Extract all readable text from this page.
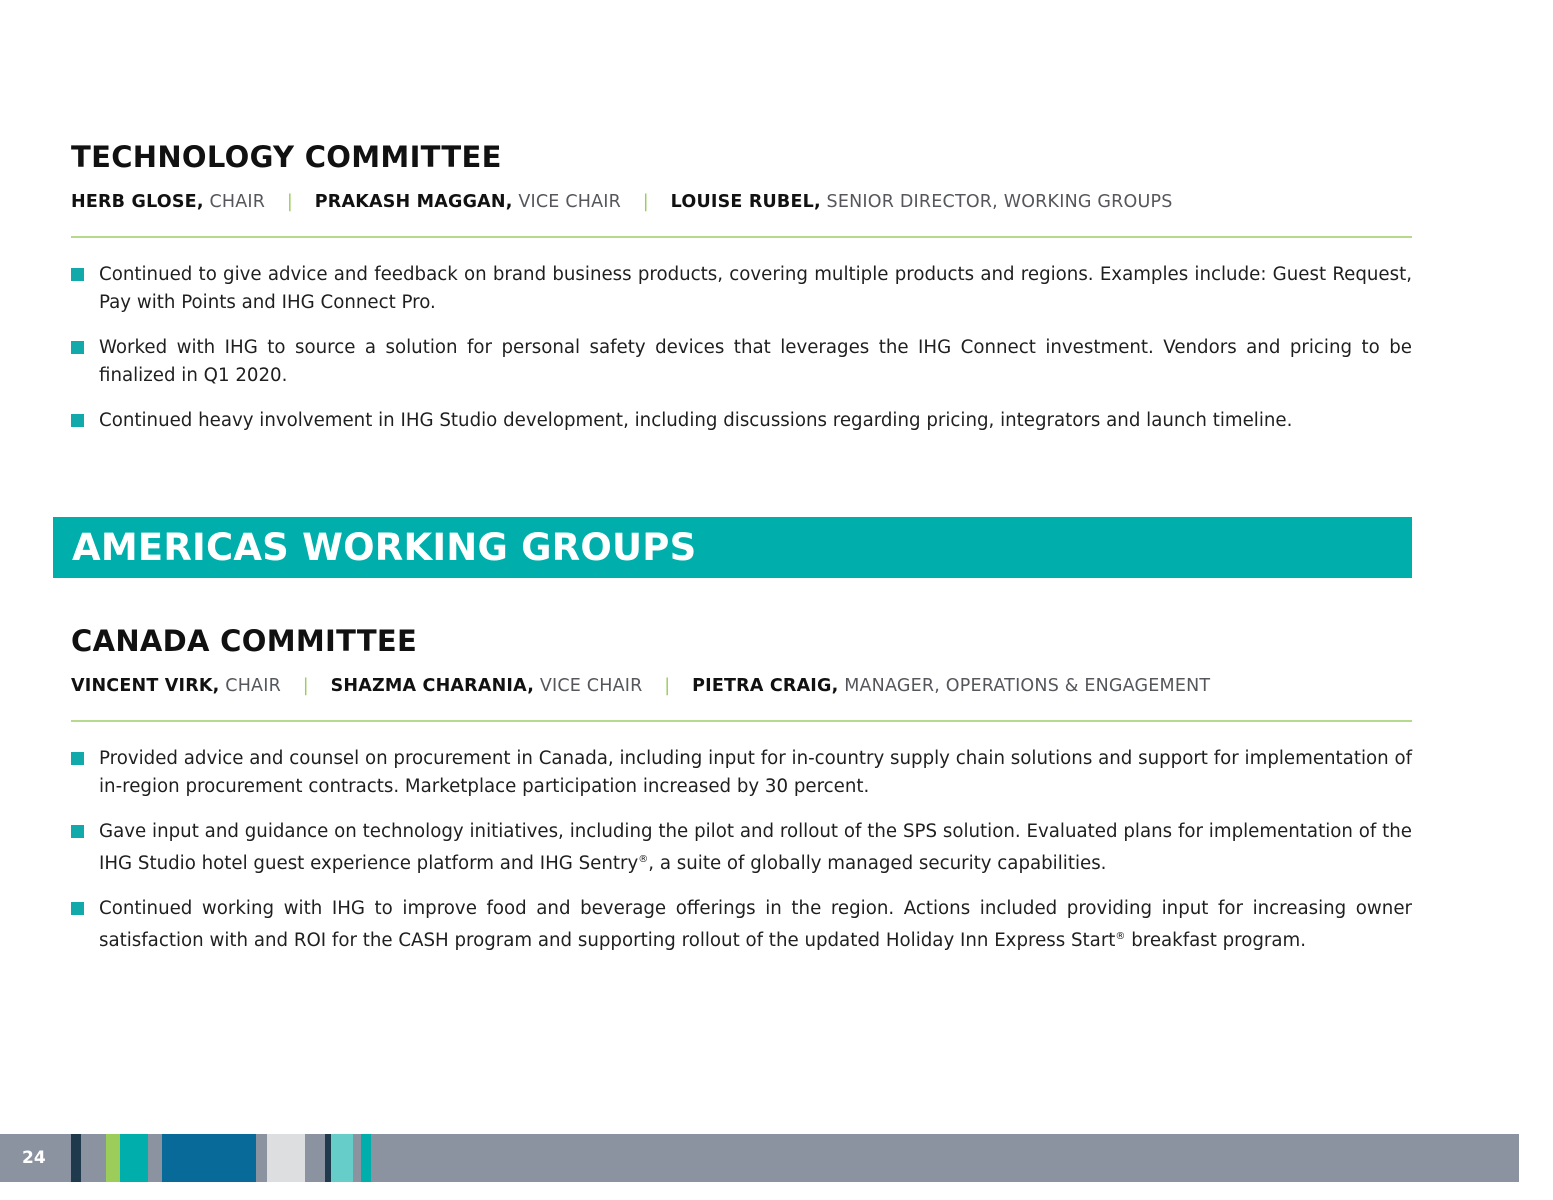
TECHNOLOGY COMMITTEE
HERB GLOSE, CHAIR | PRAKASH MAGGAN, VICE CHAIR | LOUISE RUBEL, SENIOR DIRECTOR, WORKING GROUPS
Continued to give advice and feedback on brand business products, covering multiple products and regions. Examples include: Guest Request, Pay with Points and IHG Connect Pro.
Worked with IHG to source a solution for personal safety devices that leverages the IHG Connect investment. Vendors and pricing to be finalized in Q1 2020.
Continued heavy involvement in IHG Studio development, including discussions regarding pricing, integrators and launch timeline.
AMERICAS WORKING GROUPS
CANADA COMMITTEE
VINCENT VIRK, CHAIR | SHAZMA CHARANIA, VICE CHAIR | PIETRA CRAIG, MANAGER, OPERATIONS & ENGAGEMENT
Provided advice and counsel on procurement in Canada, including input for in-country supply chain solutions and support for implementation of in-region procurement contracts. Marketplace participation increased by 30 percent.
Gave input and guidance on technology initiatives, including the pilot and rollout of the SPS solution. Evaluated plans for implementation of the IHG Studio hotel guest experience platform and IHG Sentry®, a suite of globally managed security capabilities.
Continued working with IHG to improve food and beverage offerings in the region. Actions included providing input for increasing owner satisfaction with and ROI for the CASH program and supporting rollout of the updated Holiday Inn Express Start® breakfast program.
24
